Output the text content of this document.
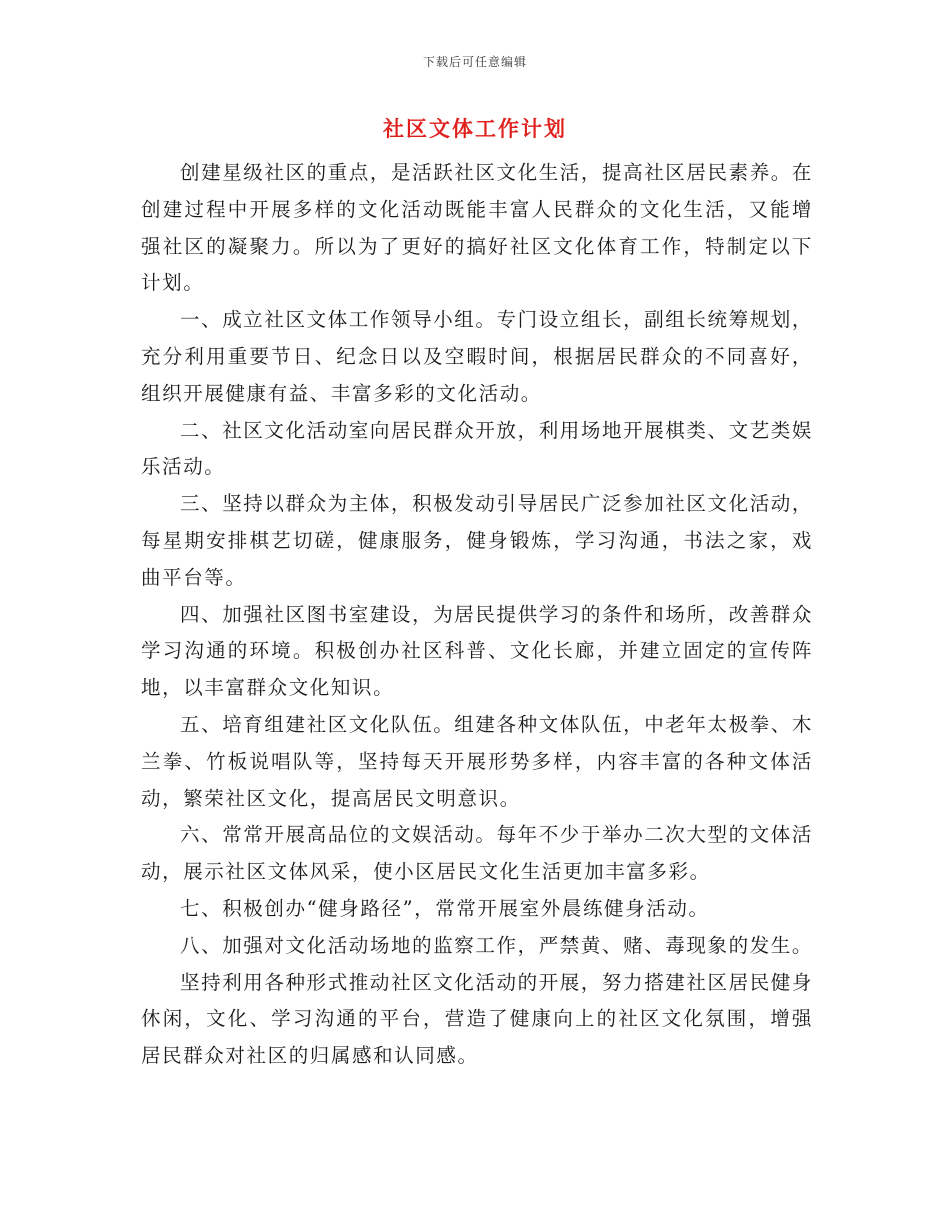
下载后可任意编辑
社区文体工作计划

创建星级社区的重点，是活跃社区文化生活，提高社区居民素养。在创建过程中开展多样的文化活动既能丰富人民群众的文化生活，又能增强社区的凝聚力。所以为了更好的搞好社区文化体育工作，特制定以下计划。

一、成立社区文体工作领导小组。专门设立组长，副组长统筹规划，充分利用重要节日、纪念日以及空暇时间，根据居民群众的不同喜好，组织开展健康有益、丰富多彩的文化活动。

二、社区文化活动室向居民群众开放，利用场地开展棋类、文艺类娱乐活动。

三、坚持以群众为主体，积极发动引导居民广泛参加社区文化活动，每星期安排棋艺切磋，健康服务，健身锻炼，学习沟通，书法之家，戏曲平台等。

四、加强社区图书室建设，为居民提供学习的条件和场所，改善群众学习沟通的环境。积极创办社区科普、文化长廊，并建立固定的宣传阵地，以丰富群众文化知识。

五、培育组建社区文化队伍。组建各种文体队伍，中老年太极拳、木兰拳、竹板说唱队等，坚持每天开展形势多样，内容丰富的各种文体活动，繁荣社区文化，提高居民文明意识。

六、常常开展高品位的文娱活动。每年不少于举办二次大型的文体活动，展示社区文体风采，使小区居民文化生活更加丰富多彩。

七、积极创办“健身路径”，常常开展室外晨练健身活动。

八、加强对文化活动场地的监察工作，严禁黄、赌、毒现象的发生。

坚持利用各种形式推动社区文化活动的开展，努力搭建社区居民健身休闲，文化、学习沟通的平台，营造了健康向上的社区文化氛围，增强居民群众对社区的归属感和认同感。
